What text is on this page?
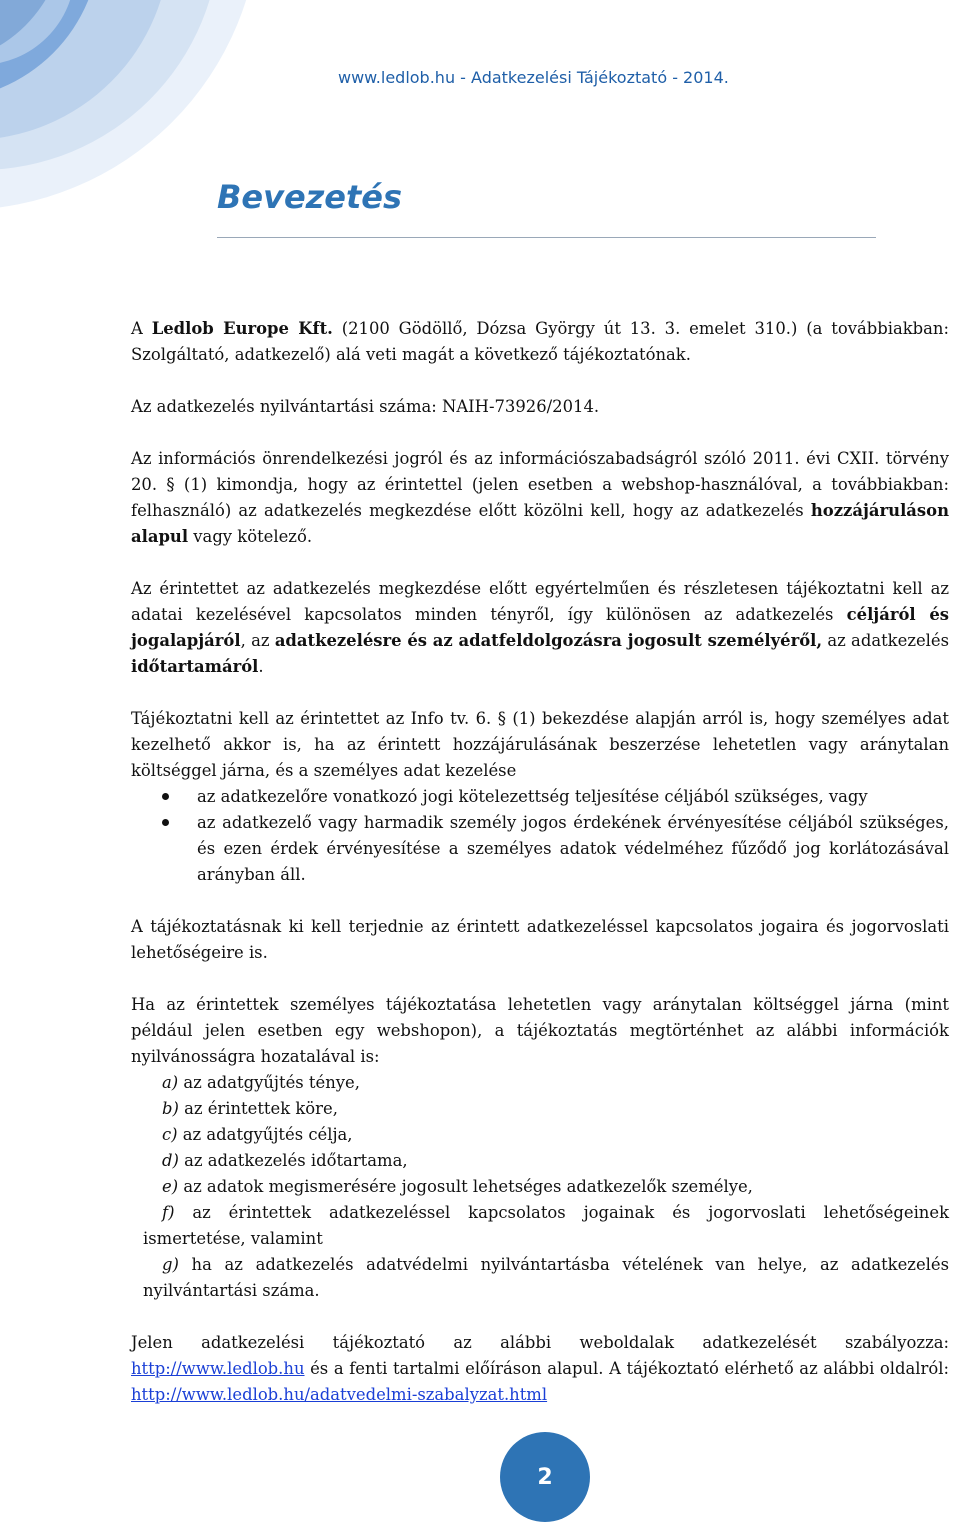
www.ledlob.hu - Adatkezelési Tájékoztató - 2014.
Bevezetés

A Ledlob Europe Kft. (2100 Gödöllő, Dózsa György út 13. 3. emelet 310.) (a továbbiakban: Szolgáltató, adatkezelő) alá veti magát a következő tájékoztatónak.

Az adatkezelés nyilvántartási száma: NAIH-73926/2014.

Az információs önrendelkezési jogról és az információszabadságról szóló 2011. évi CXII. törvény 20. § (1) kimondja, hogy az érintettel (jelen esetben a webshop-használóval, a továbbiakban: felhasználó) az adatkezelés megkezdése előtt közölni kell, hogy az adatkezelés hozzájáruláson alapul vagy kötelező.

Az érintettet az adatkezelés megkezdése előtt egyértelműen és részletesen tájékoztatni kell az adatai kezelésével kapcsolatos minden tényről, így különösen az adatkezelés céljáról és jogalapjáról, az adatkezelésre és az adatfeldolgozásra jogosult személyéről, az adatkezelés időtartamáról.

Tájékoztatni kell az érintettet az Info tv. 6. § (1) bekezdése alapján arról is, hogy személyes adat kezelhető akkor is, ha az érintett hozzájárulásának beszerzése lehetetlen vagy aránytalan költséggel járna, és a személyes adat kezelése

az adatkezelőre vonatkozó jogi kötelezettség teljesítése céljából szükséges, vagy
az adatkezelő vagy harmadik személy jogos érdekének érvényesítése céljából szükséges, és ezen érdek érvényesítése a személyes adatok védelméhez fűződő jog korlátozásával arányban áll.

A tájékoztatásnak ki kell terjednie az érintett adatkezeléssel kapcsolatos jogaira és jogorvoslati lehetőségeire is.

Ha az érintettek személyes tájékoztatása lehetetlen vagy aránytalan költséggel járna (mint például jelen esetben egy webshopon), a tájékoztatás megtörténhet az alábbi információk nyilvánosságra hozatalával is:

a) az adatgyűjtés ténye,
b) az érintettek köre,
c) az adatgyűjtés célja,
d) az adatkezelés időtartama,
e) az adatok megismerésére jogosult lehetséges adatkezelők személye,
f) az érintettek adatkezeléssel kapcsolatos jogainak és jogorvoslati lehetőségeinek ismertetése, valamint
g) ha az adatkezelés adatvédelmi nyilvántartásba vételének van helye, az adatkezelés nyilvántartási száma.

Jelen adatkezelési tájékoztató az alábbi weboldalak adatkezelését szabályozza: http://www.ledlob.hu és a fenti tartalmi előíráson alapul. A tájékoztató elérhető az alábbi oldalról: http://www.ledlob.hu/adatvedelmi-szabalyzat.html

2
